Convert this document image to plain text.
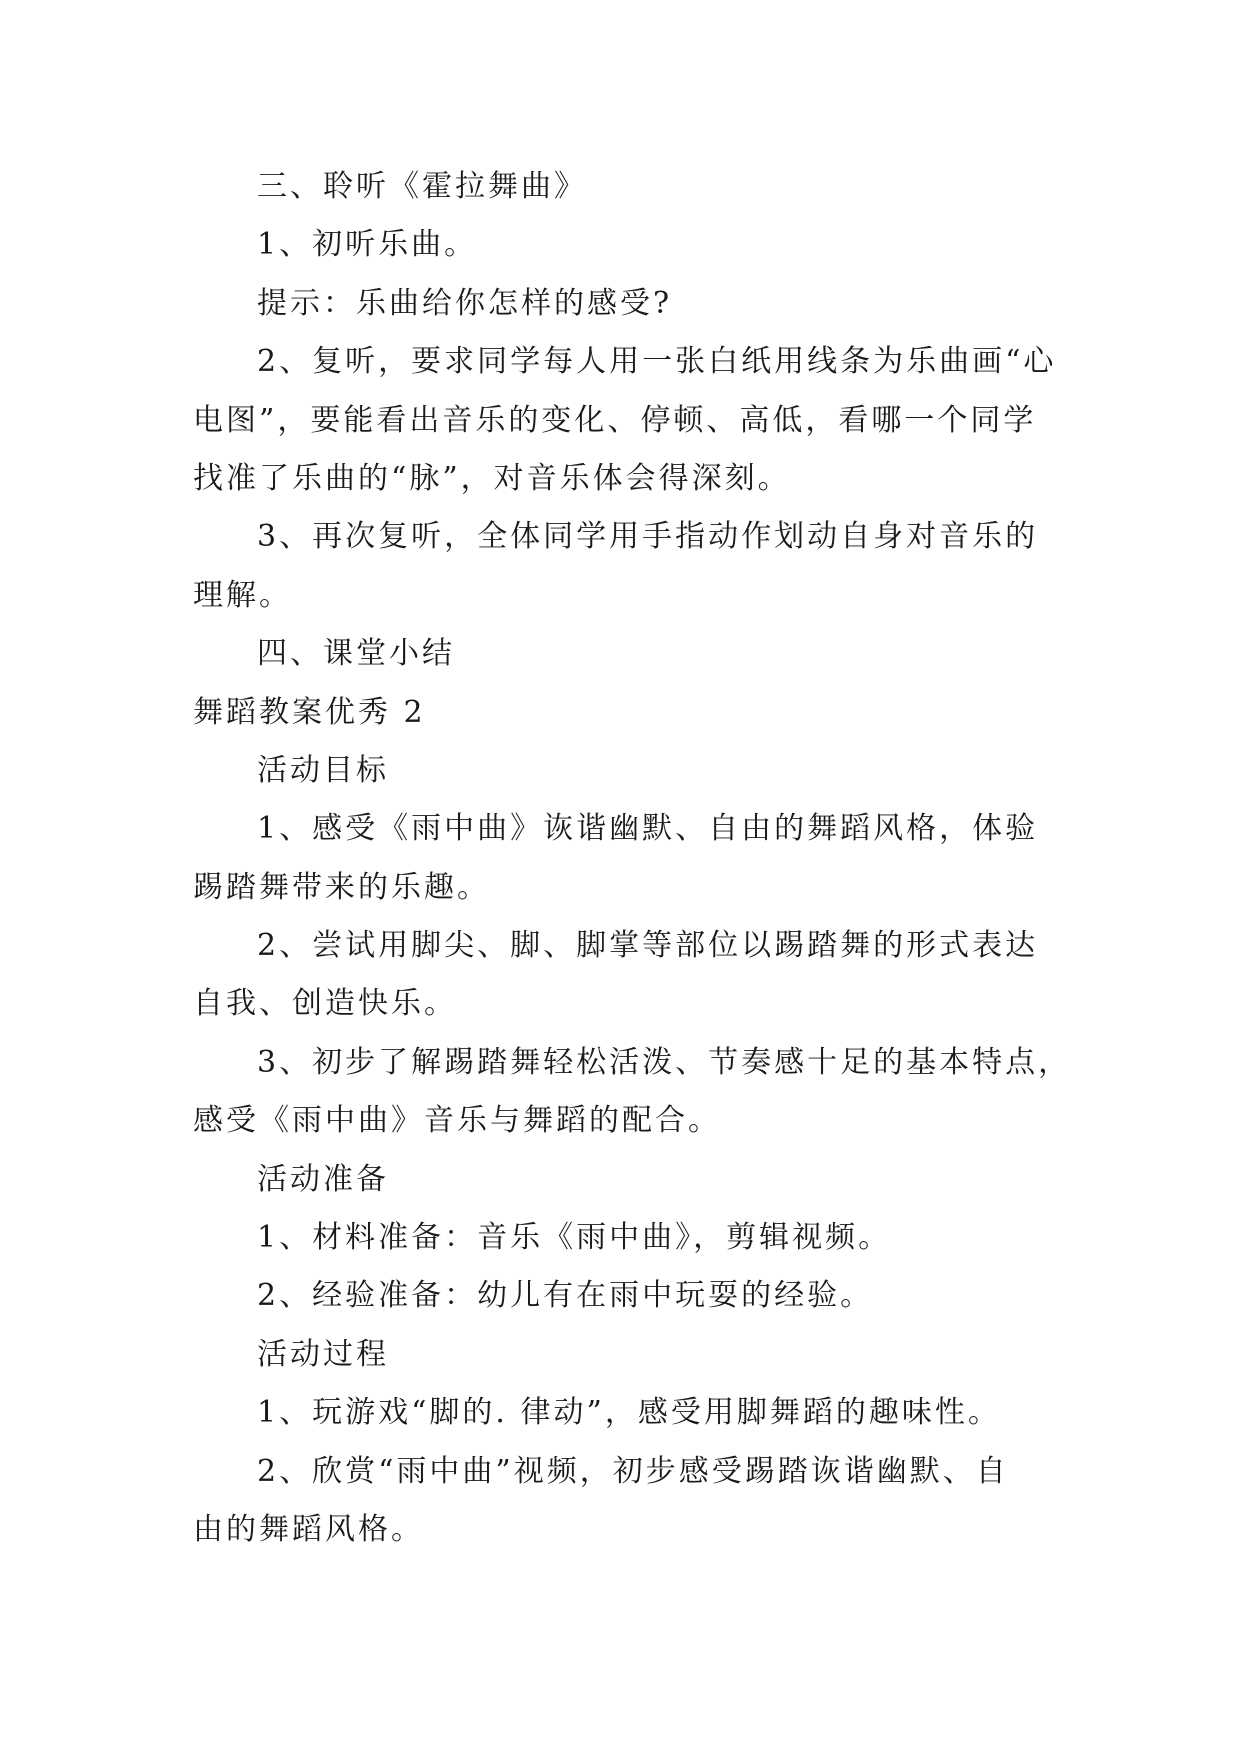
三、聆听《霍拉舞曲》
1、初听乐曲。
提示：乐曲给你怎样的感受?
2、复听，要求同学每人用一张白纸用线条为乐曲画“心
电图”，要能看出音乐的变化、停顿、高低，看哪一个同学
找准了乐曲的“脉”，对音乐体会得深刻。
3、再次复听，全体同学用手指动作划动自身对音乐的
理解。
四、课堂小结
舞蹈教案优秀 2
活动目标
1、感受《雨中曲》诙谐幽默、自由的舞蹈风格，体验
踢踏舞带来的乐趣。
2、尝试用脚尖、脚、脚掌等部位以踢踏舞的形式表达
自我、创造快乐。
3、初步了解踢踏舞轻松活泼、节奏感十足的基本特点，
感受《雨中曲》音乐与舞蹈的配合。
活动准备
1、材料准备：音乐《雨中曲》，剪辑视频。
2、经验准备：幼儿有在雨中玩耍的经验。
活动过程
1、玩游戏“脚的. 律动”，感受用脚舞蹈的趣味性。
2、欣赏“雨中曲”视频，初步感受踢踏诙谐幽默、自
由的舞蹈风格。
